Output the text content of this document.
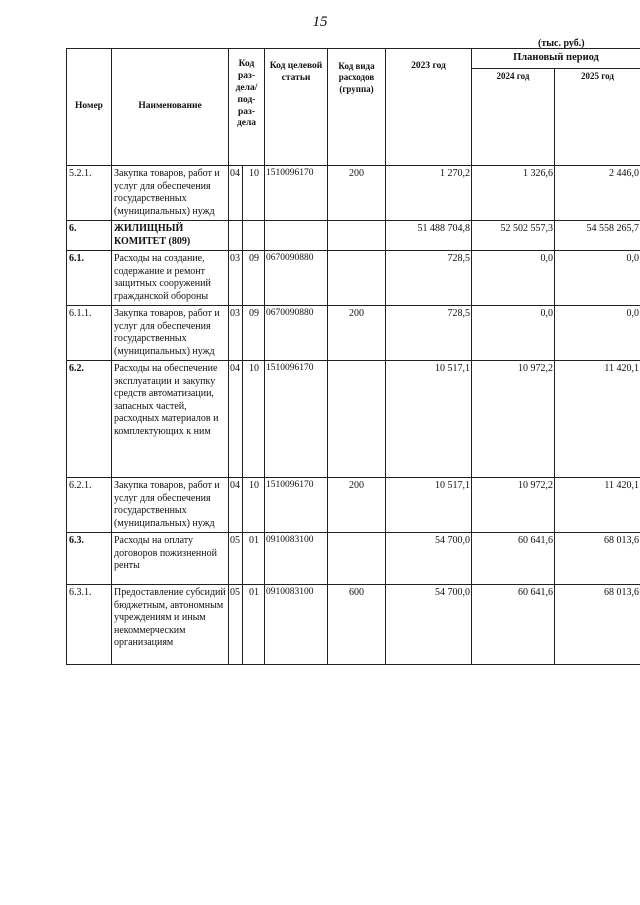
15
(тыс. руб.)
Номер	Наименование	Код раз-дела/ под-раз-дела		Код целевой статьи	Код вида расходов (группа)	2023 год	Плановый период	
							2024 год	2025 год
5.2.1.	Закупка товаров, работ и услуг для обеспечения государственных (муниципальных) нужд	04	10	1510096170	200	1 270,2	1 326,6	2 446,0
6.	ЖИЛИЩНЫЙ КОМИТЕТ (809)					51 488 704,8	52 502 557,3	54 558 265,7
6.1.	Расходы на создание, содержание и ремонт защитных сооружений гражданской обороны	03	09	0670090880		728,5	0,0	0,0
6.1.1.	Закупка товаров, работ и услуг для обеспечения государственных (муниципальных) нужд	03	09	0670090880	200	728,5	0,0	0,0
6.2.	Расходы на обеспечение эксплуатации и закупку средств автоматизации, запасных частей, расходных материалов и комплектующих к ним	04	10	1510096170		10 517,1	10 972,2	11 420,1
6.2.1.	Закупка товаров, работ и услуг для обеспечения государственных (муниципальных) нужд	04	10	1510096170	200	10 517,1	10 972,2	11 420,1
6.3.	Расходы на оплату договоров пожизненной ренты	05	01	0910083100		54 700,0	60 641,6	68 013,6
6.3.1.	Предоставление субсидий бюджетным, автономным учреждениям и иным некоммерческим организациям	05	01	0910083100	600	54 700,0	60 641,6	68 013,6
